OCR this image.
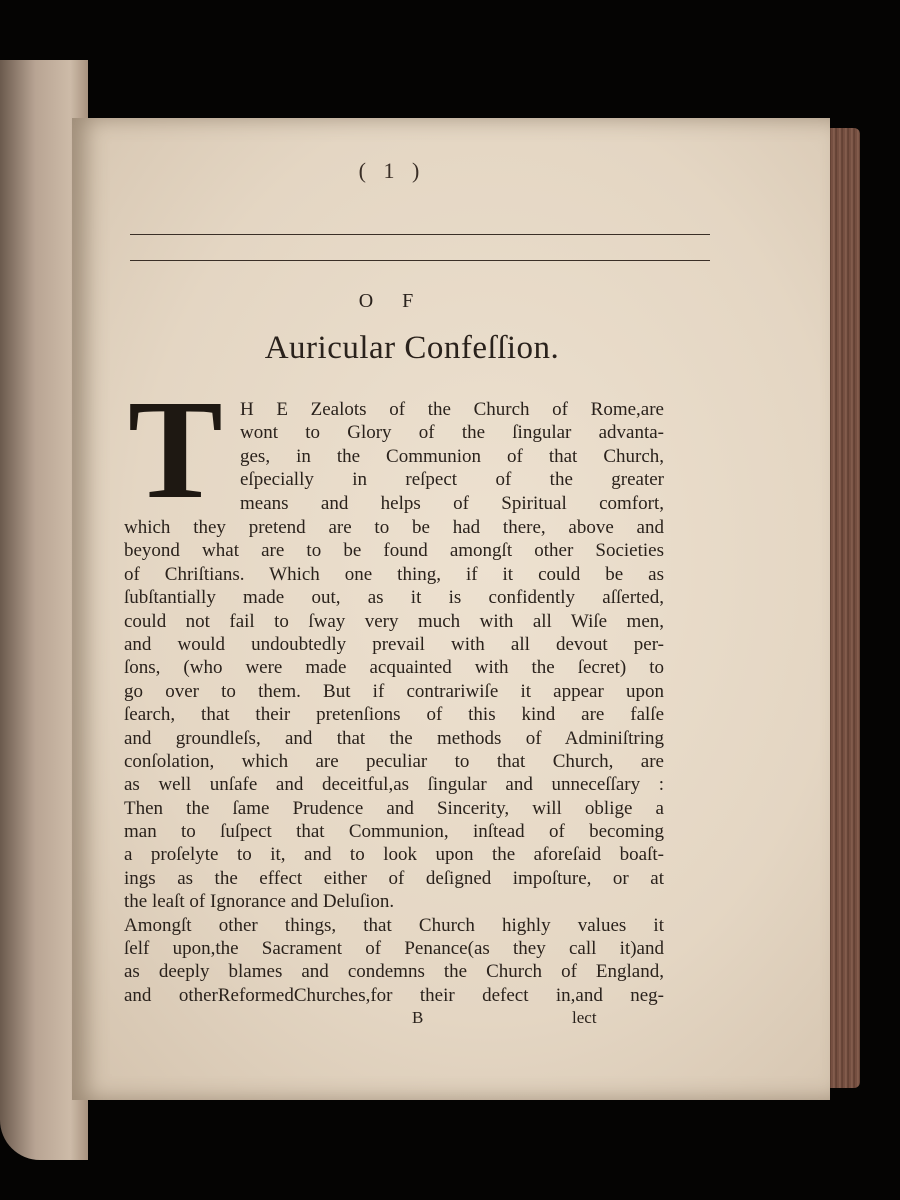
( 1 )
O F
Auricular Confeſſion.
T H E Zealots of the Church of Rome,are
wont to Glory of the ſingular advanta-
ges, in the Communion of that Church,
eſpecially in reſpect of the greater
means and helps of Spiritual comfort,
which they pretend are to be had there, above and
beyond what are to be found amongſt other Societies
of Chriſtians. Which one thing, if it could be as
ſubſtantially made out, as it is confidently aſſerted,
could not fail to ſway very much with all Wiſe men,
and would undoubtedly prevail with all devout per-
ſons, (who were made acquainted with the ſecret) to
go over to them. But if contrariwiſe it appear upon
ſearch, that their pretenſions of this kind are falſe
and groundleſs, and that the methods of Adminiſtring
conſolation, which are peculiar to that Church, are
as well unſafe and deceitful,as ſingular and unneceſſary :
Then the ſame Prudence and Sincerity, will oblige a
man to ſuſpect that Communion, inſtead of becoming
a proſelyte to it, and to look upon the aforeſaid boaſt-
ings as the effect either of deſigned impoſture, or at
the leaſt of Ignorance and Deluſion.
Amongſt other things, that Church highly values it
ſelf upon,the Sacrament of Penance(as they call it)and
as deeply blames and condemns the Church of England,
and otherReformedChurches,for their defect in,and neg-
B	lect
